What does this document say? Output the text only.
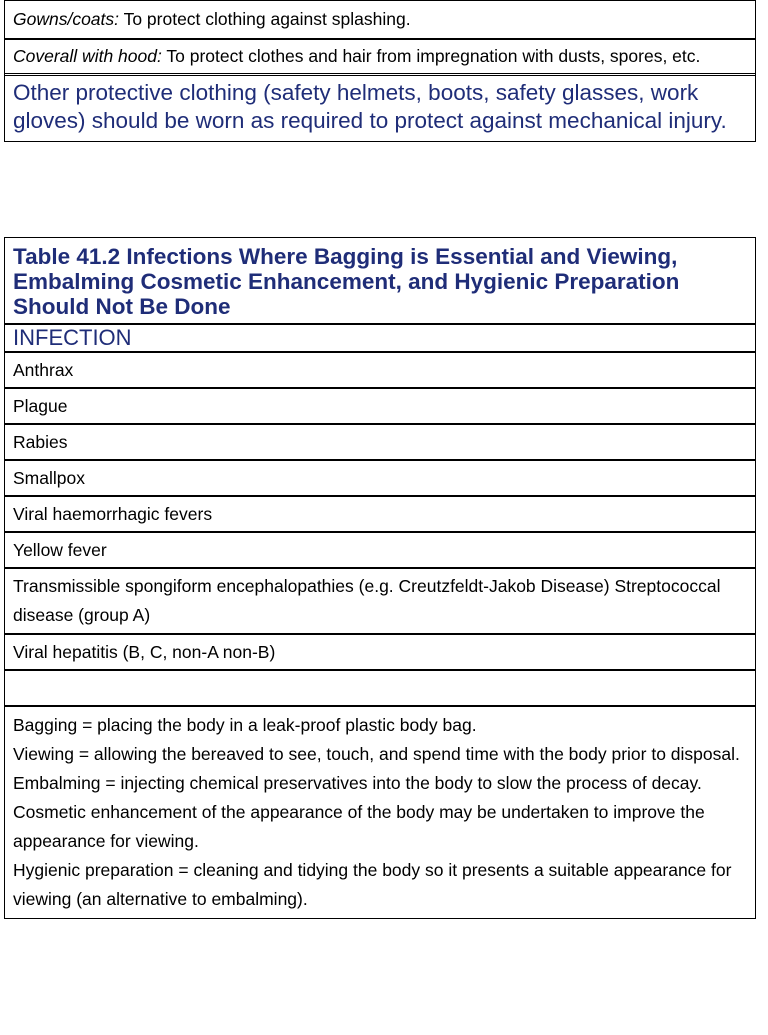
Gowns/coats: To protect clothing against splashing.
Coverall with hood: To protect clothes and hair from impregnation with dusts, spores, etc.
Other protective clothing (safety helmets, boots, safety glasses, work gloves) should be worn as required to protect against mechanical injury.
Table 41.2 Infections Where Bagging is Essential and Viewing, Embalming Cosmetic Enhancement, and Hygienic Preparation Should Not Be Done
INFECTION
Anthrax
Plague
Rabies
Smallpox
Viral haemorrhagic fevers
Yellow fever
Transmissible spongiform encephalopathies (e.g. Creutzfeldt-Jakob Disease) Streptococcal disease (group A)
Viral hepatitis (B, C, non-A non-B)

Bagging = placing the body in a leak-proof plastic body bag.

Viewing = allowing the bereaved to see, touch, and spend time with the body prior to disposal.

Embalming = injecting chemical preservatives into the body to slow the process of decay.

Cosmetic enhancement of the appearance of the body may be undertaken to improve the appearance for viewing.

Hygienic preparation = cleaning and tidying the body so it presents a suitable appearance for viewing (an alternative to embalming).
